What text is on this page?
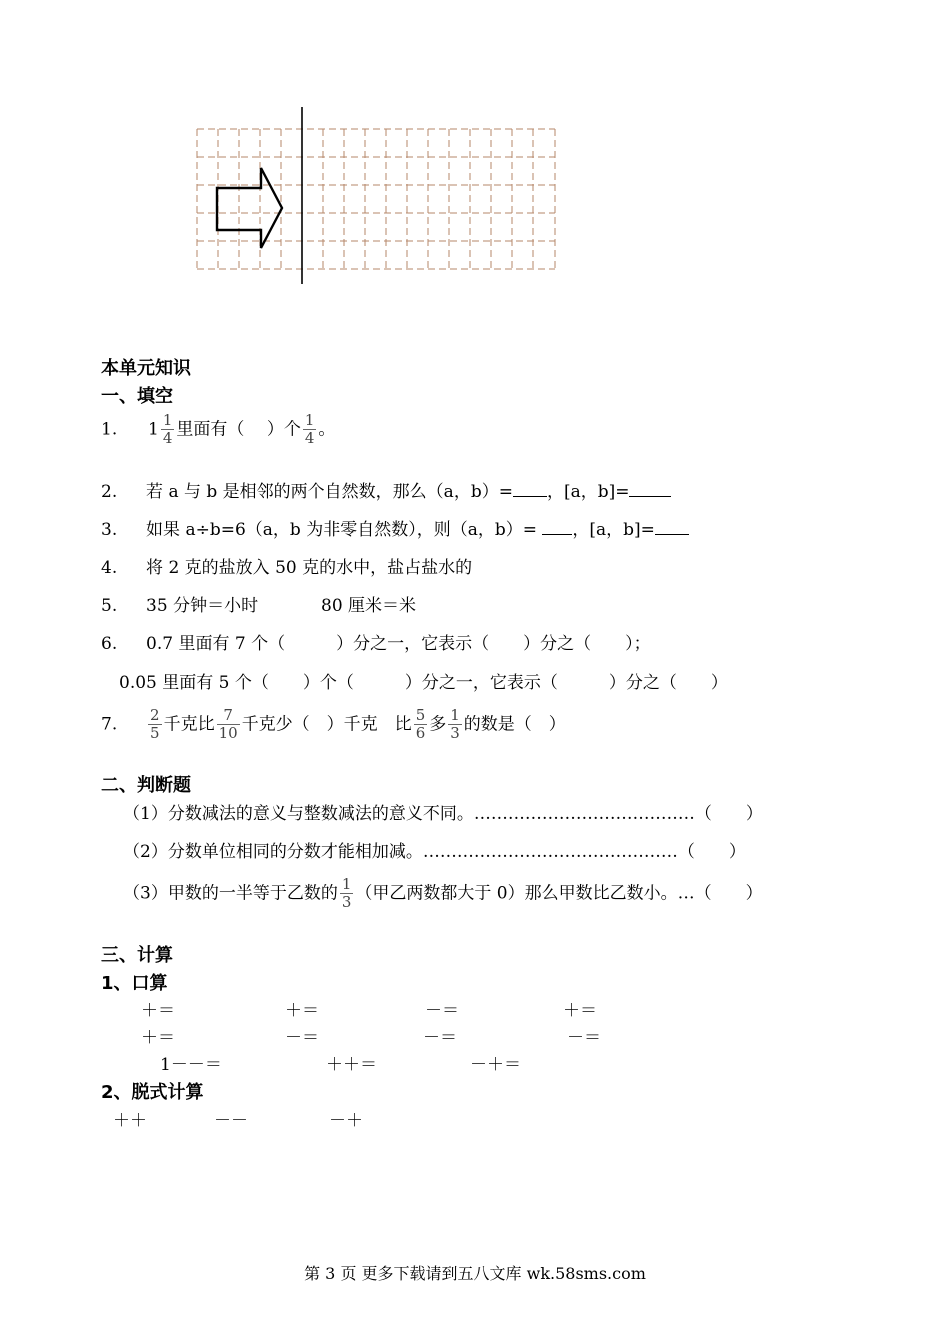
本单元知识
一、填空
1. $1 \frac{1}{4}$ 里面有（　 ）个 $\frac{1}{4}$ 。
2. 若 a 与 b 是相邻的两个自然数，那么（a，b）= ，[a，b]=
3. 如果 a÷b=6（a，b 为非零自然数），则（a，b）= ，[a，b]=
4. 将 2 克的盐放入 50 克的水中，盐占盐水的
5. 35 分钟＝小时	80 厘米＝米
6. 0.7 里面有 7 个（　　　）分之一，它表示（　　）分之（　　）；
0.05 里面有 5 个（　　）个（　　　）分之一，它表示（　　　）分之（　　）
7. $\frac{2}{5}$ 千克比 $\frac{7}{10}$ 千克少（　）千克　比 $\frac{5}{6}$ 多 $\frac{1}{3}$ 的数是（　）
二、判断题
（1）分数减法的意义与整数减法的意义不同。…………………………………（　　）
（2）分数单位相同的分数才能相加减。………………………………………（　　）
（3）甲数的一半等于乙数的 $\frac{1}{3}$ （甲乙两数都大于 0）那么甲数比乙数小。…（　　）
三、计算
1、口算
＋＝	＋＝	－＝	＋＝
＋＝	－＝	－＝	－＝
1－－＝	＋＋＝	－＋＝
2、脱式计算
＋＋	－－	－＋
第 3 页 更多下载请到五八文库 wk.58sms.com
